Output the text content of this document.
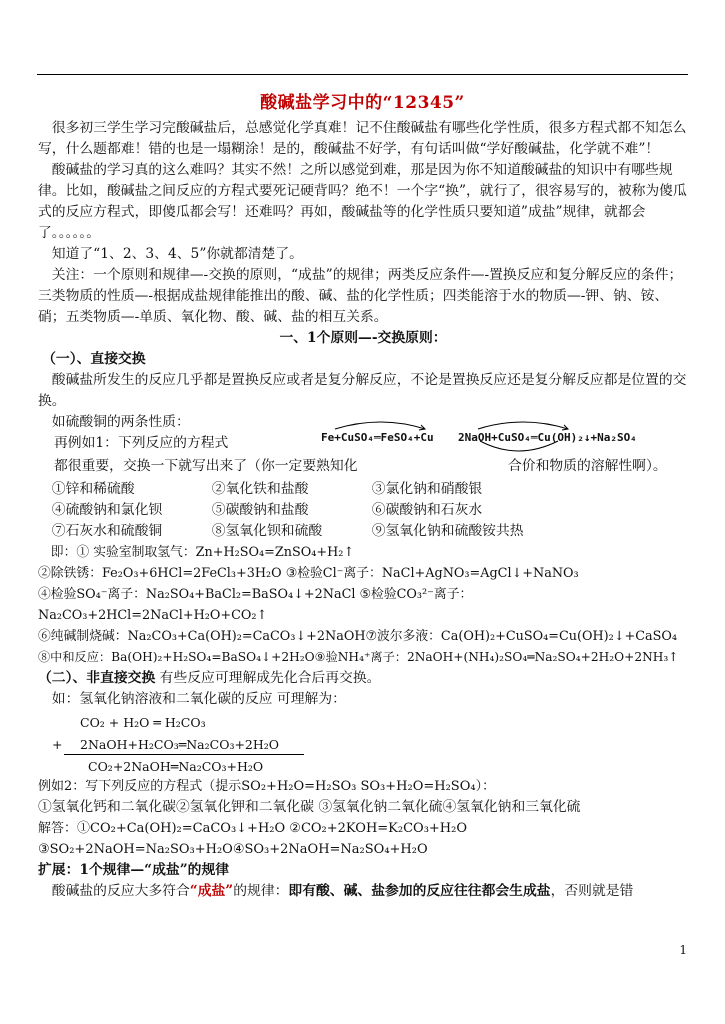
酸碱盐学习中的“12345”

很多初三学生学习完酸碱盐后，总感觉化学真难！记不住酸碱盐有哪些化学性质，很多方程式都不知怎么写，什么题都难！错的也是一塌糊涂！是的，酸碱盐不好学，有句话叫做“学好酸碱盐，化学就不难”！

酸碱盐的学习真的这么难吗？其实不然！之所以感觉到难，那是因为你不知道酸碱盐的知识中有哪些规律。比如，酸碱盐之间反应的方程式要死记硬背吗？绝不！一个字“换”，就行了，很容易写的，被称为傻瓜式的反应方程式，即傻瓜都会写！还难吗？再如，酸碱盐等的化学性质只要知道”成盐”规律，就都会了。。。。。。

知道了“1、2、3、4、5”你就都清楚了。

关注：一个原则和规律—-交换的原则，“成盐”的规律；两类反应条件—-置换反应和复分解反应的条件；三类物质的性质—-根据成盐规律能推出的酸、碱、盐的化学性质；四类能溶于水的物质—-钾、钠、铵、硝；五类物质—-单质、氧化物、酸、碱、盐的相互关系。

一、1个原则—-交换原则：

（一）、直接交换

酸碱盐所发生的反应几乎都是置换反应或者是复分解反应，不论是置换反应还是复分解反应都是位置的交换。

如硫酸铜的两条性质：

再例如1：下列反应的方程式	Fe+CuSO₄═FeSO₄+Cu 2NaOH+CuSO₄═Cu(OH)₂↓+Na₂SO₄
都很重要，交换一下就写出来了（你一定要熟知化	合价和物质的溶解性啊）。
①锌和稀硫酸	②氧化铁和盐酸	③氯化钠和硝酸银
④硫酸钠和氯化钡	⑤碳酸钠和盐酸	⑥碳酸钠和石灰水
⑦石灰水和硫酸铜	⑧氢氧化钡和硫酸	⑨氢氧化钠和硫酸铵共热

即：① 实验室制取氢气：Zn+H₂SO₄=ZnSO₄+H₂↑

②除铁锈：Fe₂O₃+6HCl=2FeCl₃+3H₂O ③检验Cl⁻离子：NaCl+AgNO₃=AgCl↓+NaNO₃

④检验SO₄⁻离子：Na₂SO₄+BaCl₂=BaSO₄↓+2NaCl ⑤检验CO₃²⁻离子：Na₂CO₃+2HCl=2NaCl+H₂O+CO₂↑

⑥纯碱制烧碱：Na₂CO₃+Ca(OH)₂=CaCO₃↓+2NaOH⑦波尔多液：Ca(OH)₂+CuSO₄=Cu(OH)₂↓+CaSO₄

⑧中和反应：Ba(OH)₂+H₂SO₄=BaSO₄↓+2H₂O⑨验NH₄⁺离子：2NaOH+(NH₄)₂SO₄═Na₂SO₄+2H₂O+2NH₃↑

（二）、非直接交换 有些反应可理解成先化合后再交换。

如：氢氧化钠溶液和二氧化碳的反应 可理解为：

CO₂ + H₂O ═ H₂CO₃
+ 2NaOH+H₂CO₃═Na₂CO₃+2H₂O
CO₂+2NaOH═Na₂CO₃+H₂O

例如2：写下列反应的方程式（提示SO₂+H₂O=H₂SO₃ SO₃+H₂O=H₂SO₄）：

①氢氧化钙和二氧化碳②氢氧化钾和二氧化碳 ③氢氧化钠二氧化硫④氢氧化钠和三氧化硫

解答：①CO₂+Ca(OH)₂=CaCO₃↓+H₂O ②CO₂+2KOH=K₂CO₃+H₂O

③SO₂+2NaOH=Na₂SO₃+H₂O④SO₃+2NaOH=Na₂SO₄+H₂O

扩展：1个规律—“成盐”的规律

酸碱盐的反应大多符合“成盐”的规律：即有酸、碱、盐参加的反应往往都会生成盐，否则就是错

1
